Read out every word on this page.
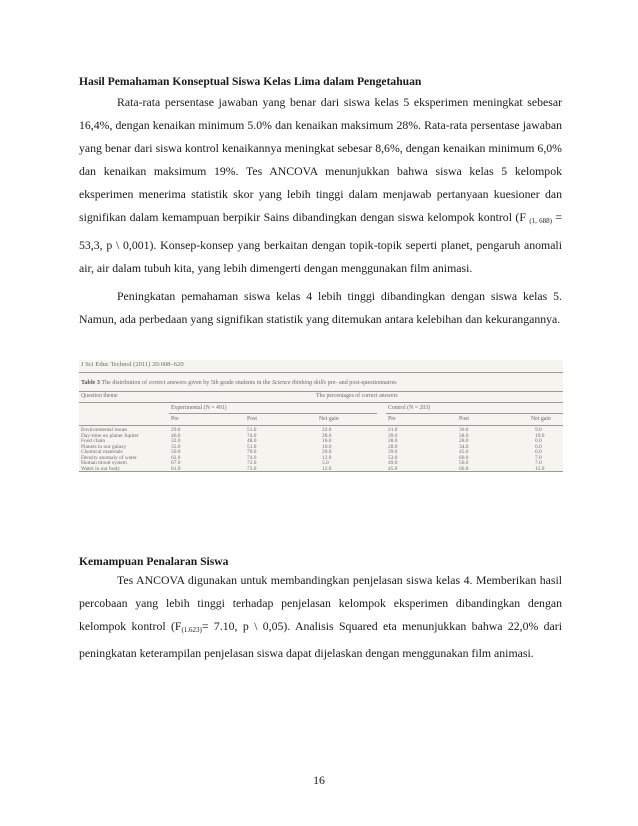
Hasil Pemahaman Konseptual Siswa Kelas Lima dalam Pengetahuan

Rata-rata persentase jawaban yang benar dari siswa kelas 5 eksperimen meningkat sebesar 16,4%, dengan kenaikan minimum 5.0% dan kenaikan maksimum 28%. Rata-rata persentase jawaban yang benar dari siswa kontrol kenaikannya meningkat sebesar 8,6%, dengan kenaikan minimum 6,0% dan kenaikan maksimum 19%. Tes ANCOVA menunjukkan bahwa siswa kelas 5 kelompok eksperimen menerima statistik skor yang lebih tinggi dalam menjawab pertanyaan kuesioner dan signifikan dalam kemampuan berpikir Sains dibandingkan dengan siswa kelompok kontrol (F $_{(1, 688)}$ = 53,3, p \ 0,001). Konsep-konsep yang berkaitan dengan topik-topik seperti planet, pengaruh anomali air, air dalam tubuh kita, yang lebih dimengerti dengan menggunakan film animasi.

Peningkatan pemahaman siswa kelas 4 lebih tinggi dibandingkan dengan siswa kelas 5. Namun, ada perbedaan yang signifikan statistik yang ditemukan antara kelebihan dan kekurangannya.

J Sci Educ Technol (2011) 20:608–620
Table 3 The distribution of correct answers given by 5th grade students in the Science thinking skills pre- and post-questionnaires
Question theme	The percentages of correct answers
Experimental (N = 491)	Control (N = 203)
Pre	Post	Net gain	Pre	Post	Net gain
Environmental issues	29.0	51.0	22.0	21.0	30.0	9.0
Day-time on planet Jupiter	46.0	74.0	28.0	39.0	58.0	19.0
Food chain	32.0	48.0	16.0	28.0	28.0	0.0
Planets in our galaxy	35.0	51.0	16.0	28.0	34.0	6.0
Chemical materials	50.0	70.0	20.0	39.0	45.0	6.0
Density anomaly of water	62.0	74.0	12.0	53.0	60.0	7.0
Human blood system	67.0	72.0	5.0	49.0	56.0	7.0
Water in our body	61.0	73.0	12.0	45.0	60.0	15.0
Kemampuan Penalaran Siswa

Tes ANCOVA digunakan untuk membandingkan penjelasan siswa kelas 4. Memberikan hasil percobaan yang lebih tinggi terhadap penjelasan kelompok eksperimen dibandingkan dengan kelompok kontrol ($F_{(1.623)}= 7.10$, p \ 0,05). Analisis Squared eta menunjukkan bahwa 22,0% dari peningkatan keterampilan penjelasan siswa dapat dijelaskan dengan menggunakan film animasi.

16
